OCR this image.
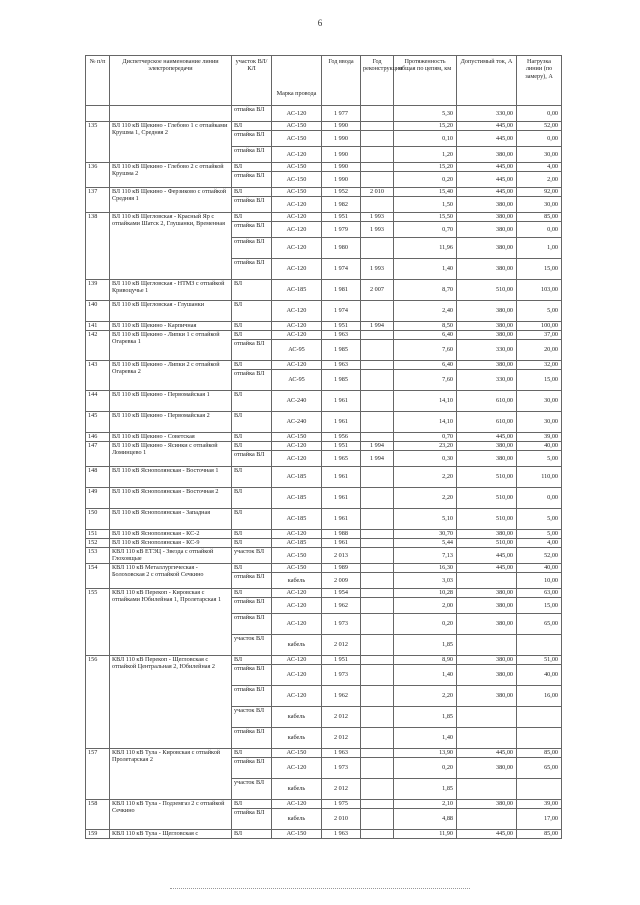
6
№ п/п	Диспетчерское наименование линии электропередачи	участок ВЛ/КЛ	Марка провода	Год ввода	Год реконструкции	Протяженность общая по цепям, км	Допустимый ток, А	Нагрузка линии (по замеру), А
		отпайка ВЛ	АС-120	1 977		5,30	330,00	0,00
135	ВЛ 110 кВ Щекино - Глебово 1 с отпайками Крушма 1, Средняя 2	ВЛ	АС-150	1 990		15,20	445,00	52,00
		отпайка ВЛ	АС-150	1 990		0,10	445,00	0,00
		отпайка ВЛ	АС-120	1 990		1,20	380,00	30,00
136	ВЛ 110 кВ Щекино - Глебово 2 с отпайкой Крушма 2	ВЛ	АС-150	1 990		15,20	445,00	4,00
		отпайка ВЛ	АС-150	1 990		0,20	445,00	2,00
137	ВЛ 110 кВ Щекино - Ферзиково с отпайкой Средняя 1	ВЛ	АС-150	1 952	2 010	15,40	445,00	92,00
		отпайка ВЛ	АС-120	1 982		1,50	380,00	30,00
138	ВЛ 110 кВ Щегловская - Красный Яр с отпайками Шатск 2, Глушанки, Временная	ВЛ	АС-120	1 951	1 993	15,50	380,00	85,00
		отпайка ВЛ	АС-120	1 979	1 993	0,70	380,00	0,00
		отпайка ВЛ	АС-120	1 980		11,96	380,00	1,00
		отпайка ВЛ	АС-120	1 974	1 993	1,40	380,00	15,00
139	ВЛ 110 кВ Щегловская - НТМЗ с отпайкой Кривоцучье 1	ВЛ	АС-185	1 981	2 007	8,70	510,00	103,00
140	ВЛ 110 кВ Щегловская - Глушанки	ВЛ	АС-120	1 974		2,40	380,00	5,00
141	ВЛ 110 кВ Щекино - Карпичная	ВЛ	АС-120	1 951	1 994	8,50	380,00	100,00
142	ВЛ 110 кВ Щекино - Липки 1 с отпайкой Огаревка 1	ВЛ	АС-120	1 963		6,40	380,00	37,00
		отпайка ВЛ	АС-95	1 985		7,60	330,00	20,00
143	ВЛ 110 кВ Щекино - Липки 2 с отпайкой Огаревка 2	ВЛ	АС-120	1 963		6,40	380,00	32,00
		отпайка ВЛ	АС-95	1 985		7,60	330,00	15,00
144	ВЛ 110 кВ Щекино - Первомайская 1	ВЛ	АС-240	1 961		14,10	610,00	30,00
145	ВЛ 110 кВ Щекино - Первомайская 2	ВЛ	АС-240	1 961		14,10	610,00	30,00
146	ВЛ 110 кВ Щекино - Советская	ВЛ	АС-150	1 956		0,70	445,00	39,00
147	ВЛ 110 кВ Щекино - Ясинки с отпайкой Ломинцево 1	ВЛ	АС-120	1 951	1 994	23,20	380,00	40,00
		отпайка ВЛ	АС-120	1 965	1 994	0,30	380,00	5,00
148	ВЛ 110 кВ Яснополянская - Восточная 1	ВЛ	АС-185	1 961		2,20	510,00	110,00
149	ВЛ 110 кВ Яснополянская - Восточная 2	ВЛ	АС-185	1 961		2,20	510,00	0,00
150	ВЛ 110 кВ Яснополянская - Западная	ВЛ	АС-185	1 961		5,10	510,00	5,00
151	ВЛ 110 кВ Яснополянская - КС-2	ВЛ	АС-120	1 988		30,70	380,00	5,00
152	ВЛ 110 кВ Яснополянская - КС-9	ВЛ	АС-185	1 961		5,44	510,00	4,00
153	КВЛ 110 кВ ЕТЭЦ - Звезда с отпайкой Глоховщые	участок ВЛ	АС-150	2 013		7,13	445,00	52,00
154	КВЛ 110 кВ Металлургическая - Болоховская 2 с отпайкой Сечкино	ВЛ	АС-150	1 989		16,30	445,00	40,00
		отпайка ВЛ	кабель	2 009		3,03		10,00
155	КВЛ 110 кВ Перекоп - Кировская с отпайками Юбилейная 1, Пролетарская 1	ВЛ	АС-120	1 954		10,28	380,00	63,00
		отпайка ВЛ	АС-120	1 962		2,00	380,00	15,00
		отпайка ВЛ	АС-120	1 973		0,20	380,00	65,00
		участок ВЛ	кабель	2 012		1,85		
156	КВЛ 110 кВ Перекоп - Щегловская с отпайкой Центральная 2, Юбилейная 2	ВЛ	АС-120	1 951		8,90	380,00	51,00
		отпайка ВЛ	АС-120	1 973		1,40	380,00	40,00
		отпайка ВЛ	АС-120	1 962		2,20	380,00	16,00
		участок ВЛ	кабель	2 012		1,85		
		отпайка ВЛ	кабель	2 012		1,40		
157	КВЛ 110 кВ Тула - Кировская с отпайкой Пролетарская 2	ВЛ	АС-150	1 963		13,90	445,00	85,00
		отпайка ВЛ	АС-120	1 973		0,20	380,00	65,00
		участок ВЛ	кабель	2 012		1,85		
158	КВЛ 110 кВ Тула - Подземгаз 2 с отпайкой Сечкино	ВЛ	АС-120	1 975		2,10	380,00	39,00
		отпайка ВЛ	кабель	2 010		4,88		17,00
159	КВЛ 110 кВ Тула - Щегловская с	ВЛ	АС-150	1 963		11,90	445,00	85,00
